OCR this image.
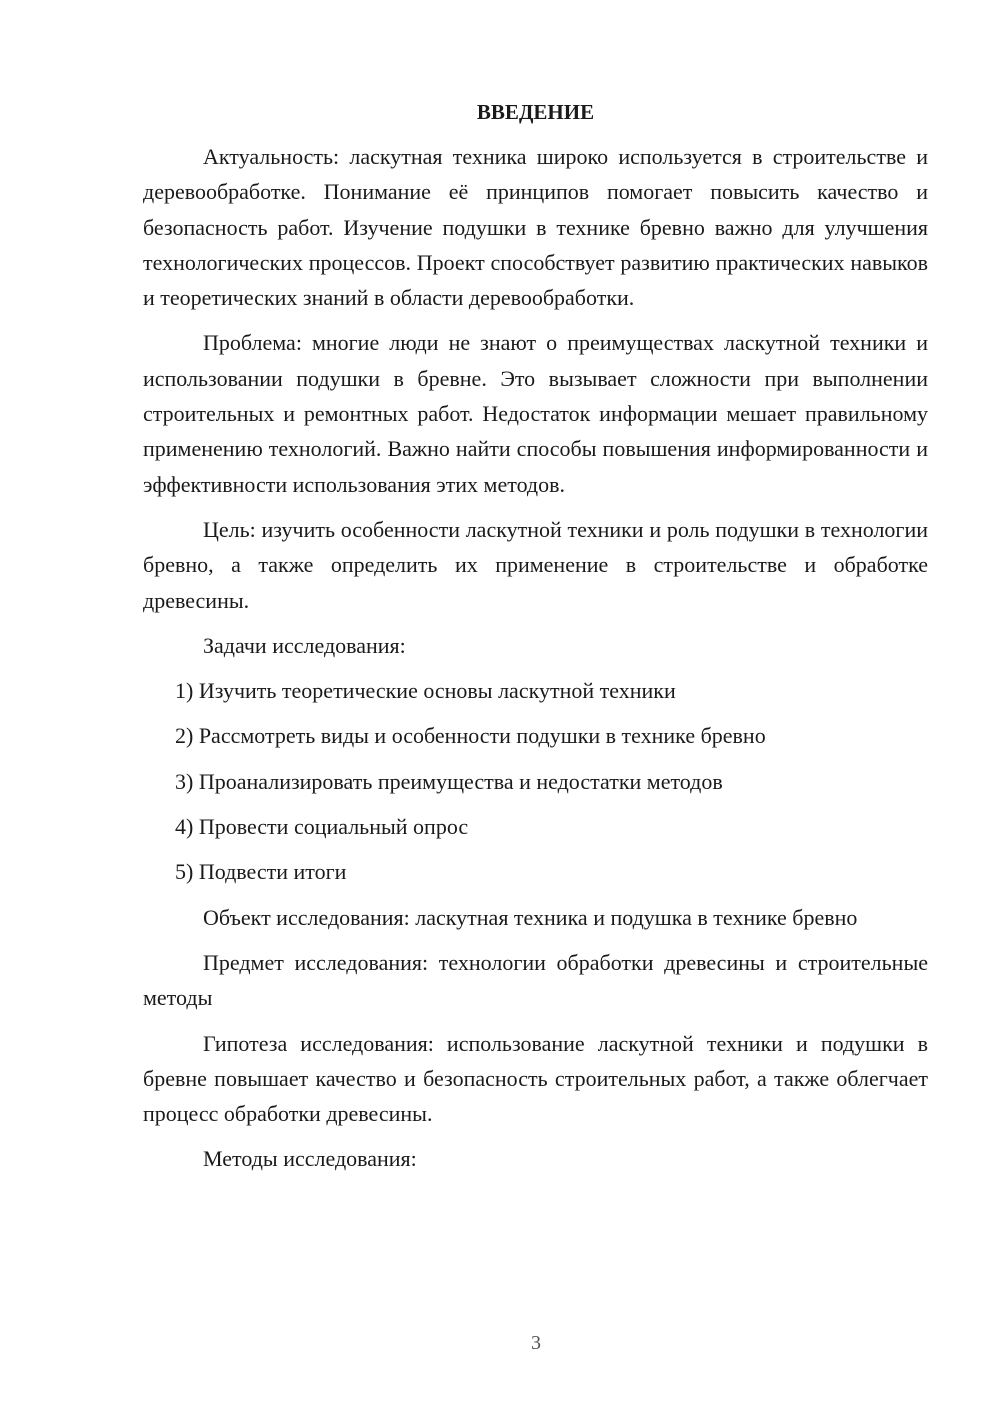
ВВЕДЕНИЕ

Актуальность: ласкутная техника широко используется в строительстве и деревообработке. Понимание её принципов помогает повысить качество и безопасность работ. Изучение подушки в технике бревно важно для улучшения технологических процессов. Проект способствует развитию практических навыков и теоретических знаний в области деревообработки.

Проблема: многие люди не знают о преимуществах ласкутной техники и использовании подушки в бревне. Это вызывает сложности при выполнении строительных и ремонтных работ. Недостаток информации мешает правильному применению технологий. Важно найти способы повышения информированности и эффективности использования этих методов.

Цель: изучить особенности ласкутной техники и роль подушки в технологии бревно, а также определить их применение в строительстве и обработке древесины.

Задачи исследования:

1) Изучить теоретические основы ласкутной техники
2) Рассмотреть виды и особенности подушки в технике бревно
3) Проанализировать преимущества и недостатки методов
4) Провести социальный опрос
5) Подвести итоги

Объект исследования: ласкутная техника и подушка в технике бревно

Предмет исследования: технологии обработки древесины и строительные методы

Гипотеза исследования: использование ласкутной техники и подушки в бревне повышает качество и безопасность строительных работ, а также облегчает процесс обработки древесины.

Методы исследования:

3
